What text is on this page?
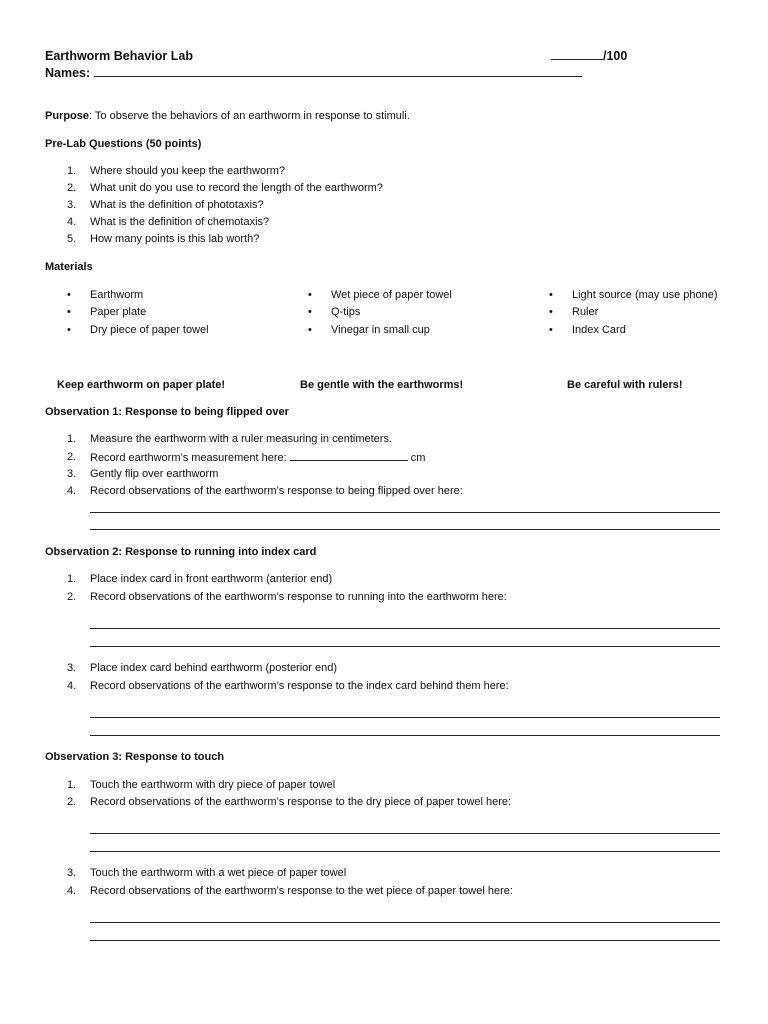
Earthworm Behavior Lab	/100
Names:
Purpose: To observe the behaviors of an earthworm in response to stimuli.
Pre-Lab Questions (50 points)
1. Where should you keep the earthworm?
2. What unit do you use to record the length of the earthworm?
3. What is the definition of phototaxis?
4. What is the definition of chemotaxis?
5. How many points is this lab worth?
Materials
• Earthworm
• Paper plate
• Dry piece of paper towel
• Wet piece of paper towel
• Q-tips
• Vinegar in small cup
• Light source (may use phone)
• Ruler
• Index Card
Keep earthworm on paper plate!	Be gentle with the earthworms!	Be careful with rulers!
Observation 1: Response to being flipped over
1. Measure the earthworm with a ruler measuring in centimeters.
2. Record earthworm’s measurement here:	cm
3. Gently flip over earthworm
4. Record observations of the earthworm’s response to being flipped over here:
Observation 2: Response to running into index card
1. Place index card in front earthworm (anterior end)
2. Record observations of the earthworm’s response to running into the earthworm here:
3. Place index card behind earthworm (posterior end)
4. Record observations of the earthworm’s response to the index card behind them here:
Observation 3: Response to touch
1. Touch the earthworm with dry piece of paper towel
2. Record observations of the earthworm’s response to the dry piece of paper towel here:
3. Touch the earthworm with a wet piece of paper towel
4. Record observations of the earthworm’s response to the wet piece of paper towel here:
